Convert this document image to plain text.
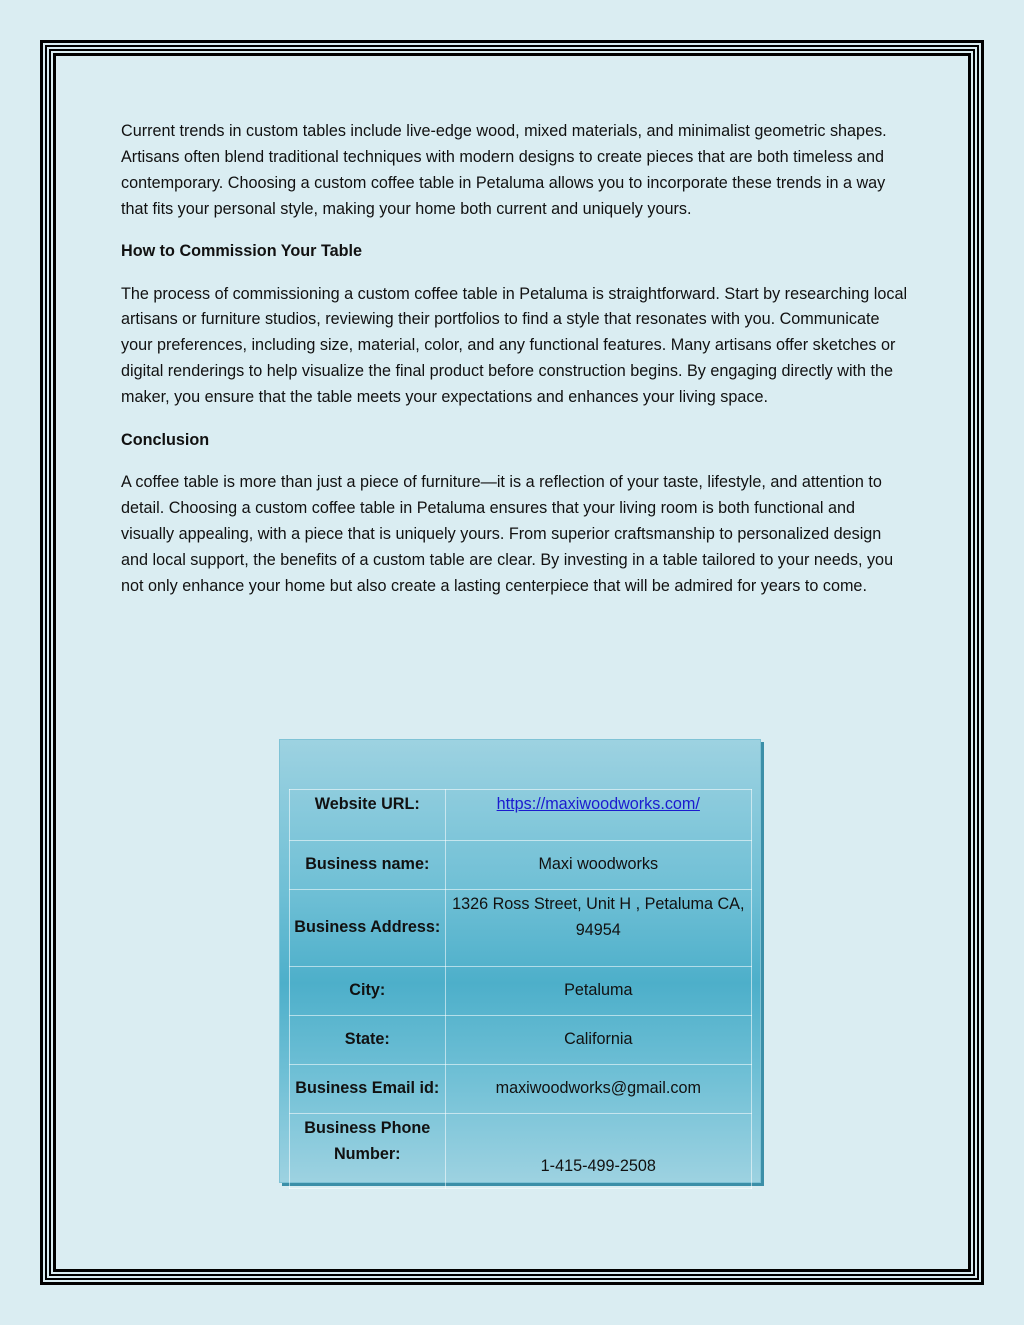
Current trends in custom tables include live-edge wood, mixed materials, and minimalist geometric shapes. Artisans often blend traditional techniques with modern designs to create pieces that are both timeless and contemporary. Choosing a custom coffee table in Petaluma allows you to incorporate these trends in a way that fits your personal style, making your home both current and uniquely yours.

How to Commission Your Table

The process of commissioning a custom coffee table in Petaluma is straightforward. Start by researching local artisans or furniture studios, reviewing their portfolios to find a style that resonates with you. Communicate your preferences, including size, material, color, and any functional features. Many artisans offer sketches or digital renderings to help visualize the final product before construction begins. By engaging directly with the maker, you ensure that the table meets your expectations and enhances your living space.

Conclusion

A coffee table is more than just a piece of furniture—it is a reflection of your taste, lifestyle, and attention to detail. Choosing a custom coffee table in Petaluma ensures that your living room is both functional and visually appealing, with a piece that is uniquely yours. From superior craftsmanship to personalized design and local support, the benefits of a custom table are clear. By investing in a table tailored to your needs, you not only enhance your home but also create a lasting centerpiece that will be admired for years to come.

Website URL:	https://maxiwoodworks.com/
Business name:	Maxi woodworks
Business Address:	1326 Ross Street, Unit H , Petaluma CA, 94954
City:	Petaluma
State:	California
Business Email id:	maxiwoodworks@gmail.com
Business Phone Number:	1-415-499-2508
